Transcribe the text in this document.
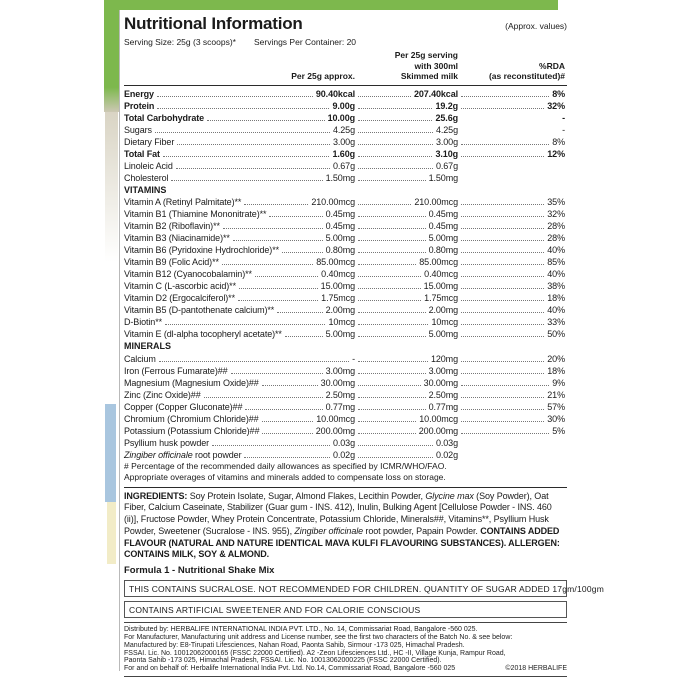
Nutritional Information	(Approx. values)
Serving Size: 25g (3 scoops)* Servings Per Container: 20
Per 25g approx.
Per 25g serving
with 300ml
Skimmed milk
%RDA
(as reconstituted)#
Energy	90.40kcal	207.40kcal	8%
Protein	9.00g	19.2g	32%
Total Carbohydrate	10.00g	25.6g	-
Sugars	4.25g	4.25g	-
Dietary Fiber	3.00g	3.00g	8%
Total Fat	1.60g	3.10g	12%
Linoleic Acid	0.67g	0.67g
Cholesterol	1.50mg	1.50mg
VITAMINS
Vitamin A (Retinyl Palmitate)**	210.00mcg	210.00mcg	35%
Vitamin B1 (Thiamine Mononitrate)**	0.45mg	0.45mg	32%
Vitamin B2 (Riboflavin)**	0.45mg	0.45mg	28%
Vitamin B3 (Niacinamide)**	5.00mg	5.00mg	28%
Vitamin B6 (Pyridoxine Hydrochloride)**	0.80mg	0.80mg	40%
Vitamin B9 (Folic Acid)**	85.00mcg	85.00mcg	85%
Vitamin B12 (Cyanocobalamin)**	0.40mcg	0.40mcg	40%
Vitamin C (L-ascorbic acid)**	15.00mg	15.00mg	38%
Vitamin D2 (Ergocalciferol)**	1.75mcg	1.75mcg	18%
Vitamin B5 (D-pantothenate calcium)**	2.00mg	2.00mg	40%
D-Biotin**	10mcg	10mcg	33%
Vitamin E (dl-alpha tocopheryl acetate)**	5.00mg	5.00mg	50%
MINERALS
Calcium	-	120mg	20%
Iron (Ferrous Fumarate)##	3.00mg	3.00mg	18%
Magnesium (Magnesium Oxide)##	30.00mg	30.00mg	9%
Zinc (Zinc Oxide)##	2.50mg	2.50mg	21%
Copper (Copper Gluconate)##	0.77mg	0.77mg	57%
Chromium (Chromium Chloride)##	10.00mcg	10.00mcg	30%
Potassium (Potassium Chloride)##	200.00mg	200.00mg	5%
Psyllium husk powder	0.03g	0.03g
Zingiber officinale root powder	0.02g	0.02g
# Percentage of the recommended daily allowances as specified by ICMR/WHO/FAO.
Appropriate overages of vitamins and minerals added to compensate loss on storage.
INGREDIENTS: Soy Protein Isolate, Sugar, Almond Flakes, Lecithin Powder, Glycine max (Soy Powder), Oat Fiber, Calcium Caseinate, Stabilizer (Guar gum - INS. 412), Inulin, Bulking Agent [Cellulose Powder - INS. 460 (ii)], Fructose Powder, Whey Protein Concentrate, Potassium Chloride, Minerals##, Vitamins**, Psyllium Husk Powder, Sweetener (Sucralose - INS. 955), Zingiber officinale root powder, Papain Powder. CONTAINS ADDED FLAVOUR (NATURAL AND NATURE IDENTICAL MAVA KULFI FLAVOURING SUBSTANCES). ALLERGEN: CONTAINS MILK, SOY & ALMOND.
Formula 1 - Nutritional Shake Mix
THIS CONTAINS SUCRALOSE. NOT RECOMMENDED FOR CHILDREN. QUANTITY OF SUGAR ADDED 17gm/100gm
CONTAINS ARTIFICIAL SWEETENER AND FOR CALORIE CONSCIOUS
Distributed by: HERBALIFE INTERNATIONAL INDIA PVT. LTD., No. 14, Commissariat Road, Bangalore -560 025.
For Manufacturer, Manufacturing unit address and License number, see the first two characters of the Batch No. & see below:
Manufactured by: E8-Tirupati Lifesciences, Nahan Road, Paonta Sahib, Sirmour -173 025, Himachal Pradesh.
FSSAI. Lic. No. 10012062000165 (FSSC 22000 Certified). A2 -Zeon Lifesciences Ltd., HC -II, Village Kunja, Rampur Road,
Paonta Sahib -173 025, Himachal Pradesh, FSSAI. Lic. No. 10013062000225 (FSSC 22000 Certified).
For and on behalf of: Herbalife International India Pvt. Ltd. No.14, Commissariat Road, Bangalore -560 025	©2018 HERBALIFE
